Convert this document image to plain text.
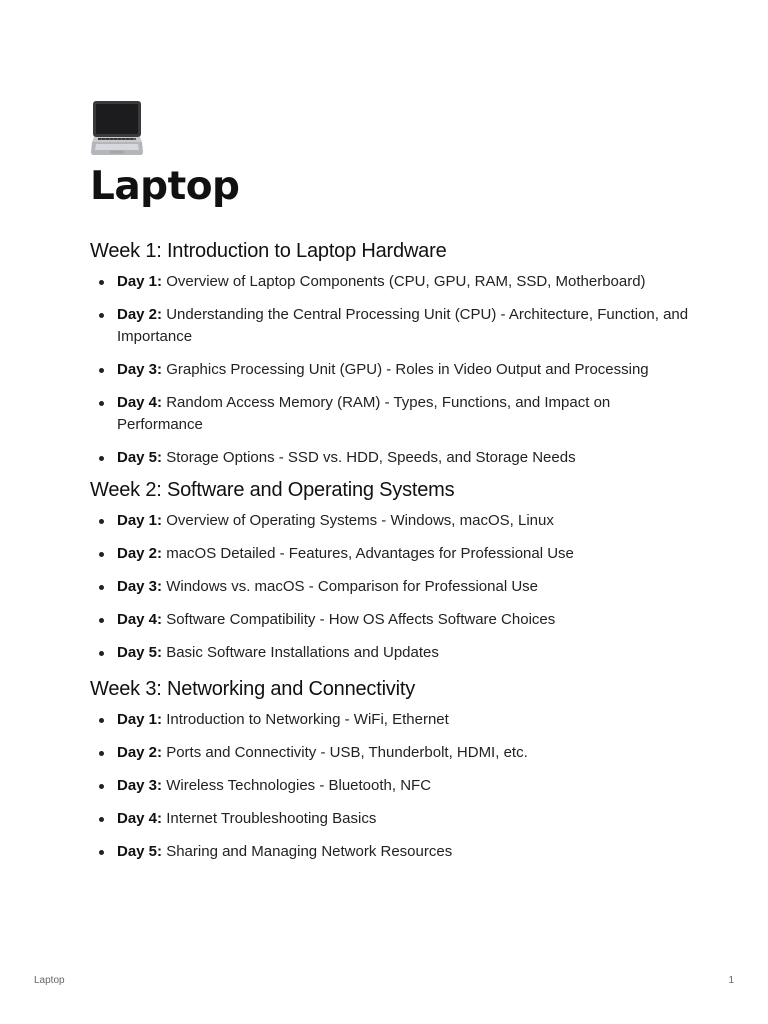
Laptop
Week 1: Introduction to Laptop Hardware
Day 1: Overview of Laptop Components (CPU, GPU, RAM, SSD, Motherboard)
Day 2: Understanding the Central Processing Unit (CPU) - Architecture, Function, and Importance
Day 3: Graphics Processing Unit (GPU) - Roles in Video Output and Processing
Day 4: Random Access Memory (RAM) - Types, Functions, and Impact on Performance
Day 5: Storage Options - SSD vs. HDD, Speeds, and Storage Needs
Week 2: Software and Operating Systems
Day 1: Overview of Operating Systems - Windows, macOS, Linux
Day 2: macOS Detailed - Features, Advantages for Professional Use
Day 3: Windows vs. macOS - Comparison for Professional Use
Day 4: Software Compatibility - How OS Affects Software Choices
Day 5: Basic Software Installations and Updates
Week 3: Networking and Connectivity
Day 1: Introduction to Networking - WiFi, Ethernet
Day 2: Ports and Connectivity - USB, Thunderbolt, HDMI, etc.
Day 3: Wireless Technologies - Bluetooth, NFC
Day 4: Internet Troubleshooting Basics
Day 5: Sharing and Managing Network Resources
Laptop	1
